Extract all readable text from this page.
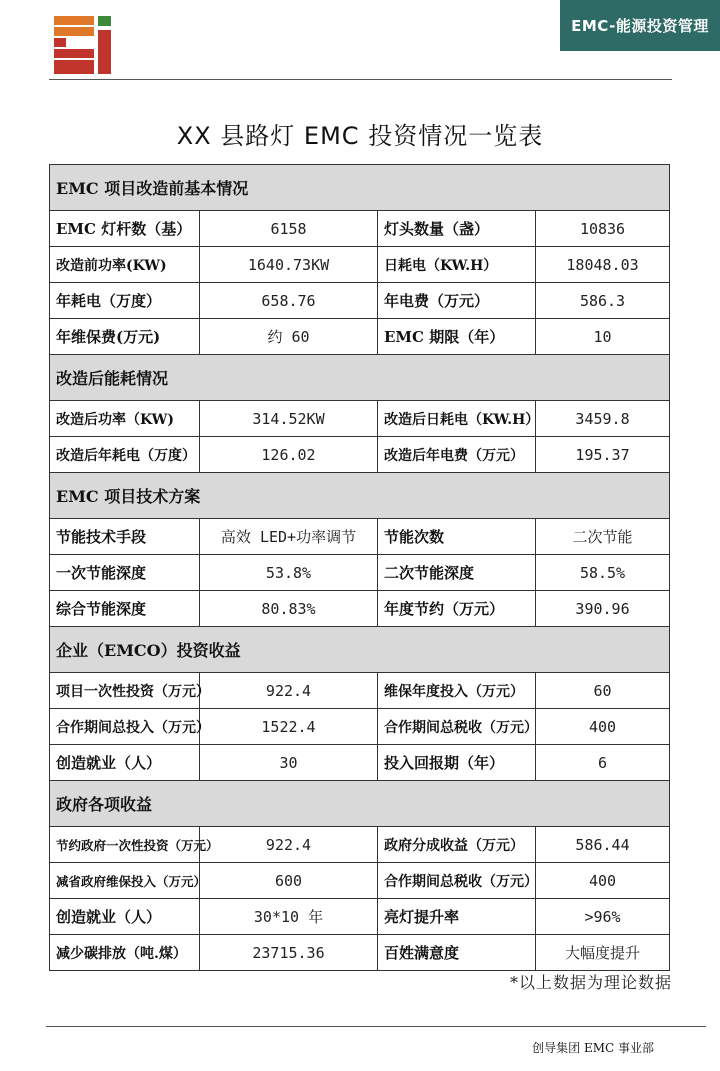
EMC-能源投资管理
XX 县路灯 EMC 投资情况一览表
EMC 项目改造前基本情况			
EMC 灯杆数（基）	6158	灯头数量（盏）	10836
改造前功率(KW)	1640.73KW	日耗电（KW.H）	18048.03
年耗电（万度）	658.76	年电费（万元）	586.3
年维保费(万元)	约 60	EMC 期限（年）	10
改造后能耗情况			
改造后功率（KW)	314.52KW	改造后日耗电（KW.H）	3459.8
改造后年耗电（万度）	126.02	改造后年电费（万元）	195.37
EMC 项目技术方案			
节能技术手段	高效 LED+功率调节	节能次数	二次节能
一次节能深度	53.8%	二次节能深度	58.5%
综合节能深度	80.83%	年度节约（万元）	390.96
企业（EMCO）投资收益			
项目一次性投资（万元）	922.4	维保年度投入（万元）	60
合作期间总投入（万元）	1522.4	合作期间总税收（万元）	400
创造就业（人）	30	投入回报期（年）	6
政府各项收益			
节约政府一次性投资（万元）	922.4	政府分成收益（万元）	586.44
减省政府维保投入（万元）	600	合作期间总税收（万元）	400
创造就业（人）	30*10 年	亮灯提升率	>96%
减少碳排放（吨.煤）	23715.36	百姓满意度	大幅度提升
*以上数据为理论数据
创导集团 EMC 事业部
